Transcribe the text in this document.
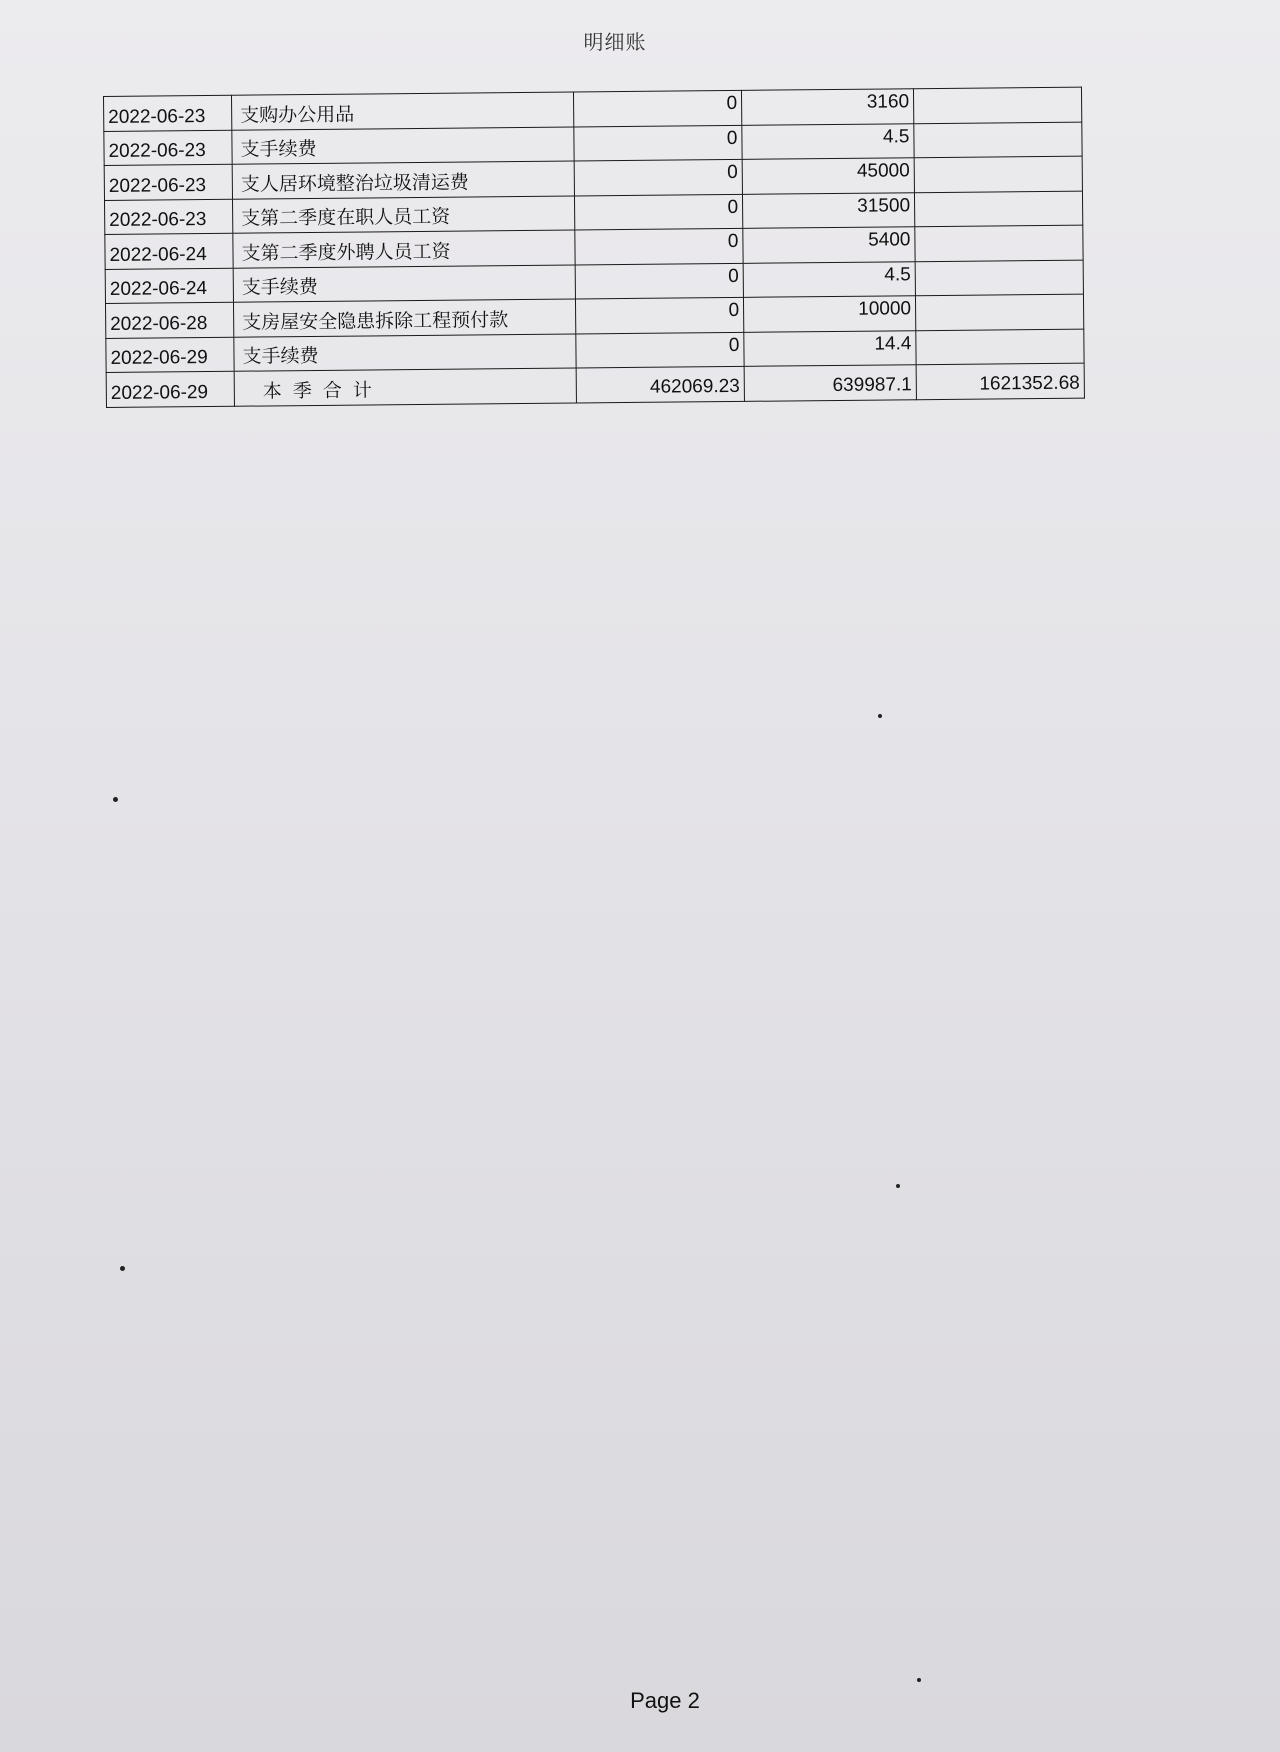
明细账
2022-06-23	支购办公用品	0	3160	
2022-06-23	支手续费	0	4.5	
2022-06-23	支人居环境整治垃圾清运费	0	45000	
2022-06-23	支第二季度在职人员工资	0	31500	
2022-06-24	支第二季度外聘人员工资	0	5400	
2022-06-24	支手续费	0	4.5	
2022-06-28	支房屋安全隐患拆除工程预付款	0	10000	
2022-06-29	支手续费	0	14.4	
2022-06-29	本季合计	462069.23	639987.1	1621352.68
Page 2
